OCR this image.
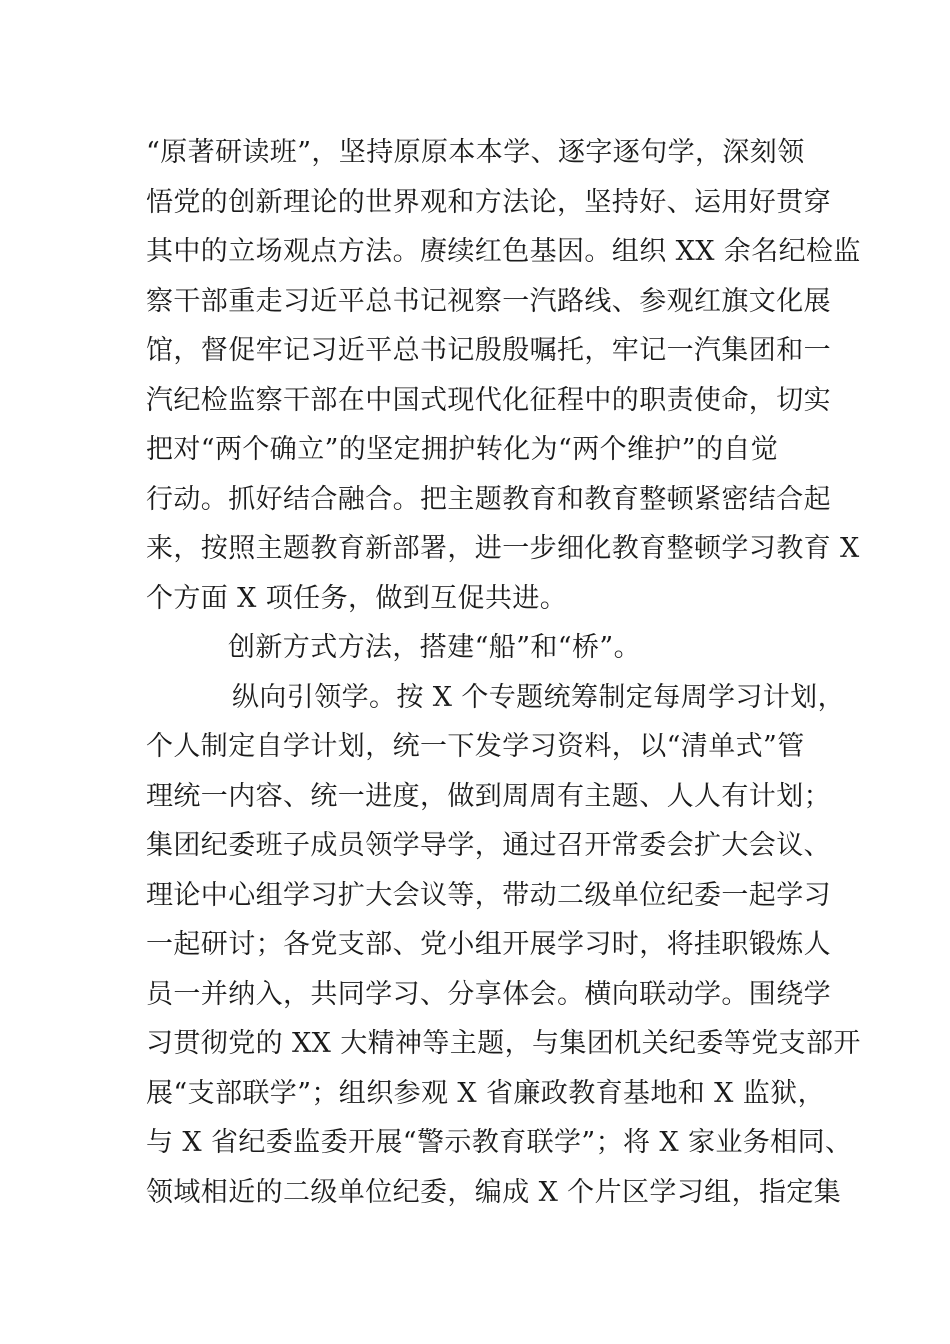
“原著研读班”，坚持原原本本学、逐字逐句学，深刻领
悟党的创新理论的世界观和方法论，坚持好、运用好贯穿
其中的立场观点方法。赓续红色基因。组织 XX 余名纪检监
察干部重走习近平总书记视察一汽路线、参观红旗文化展
馆，督促牢记习近平总书记殷殷嘱托，牢记一汽集团和一
汽纪检监察干部在中国式现代化征程中的职责使命，切实
把对“两个确立”的坚定拥护转化为“两个维护”的自觉
行动。抓好结合融合。把主题教育和教育整顿紧密结合起
来，按照主题教育新部署，进一步细化教育整顿学习教育 X
个方面 X 项任务，做到互促共进。
创新方式方法，搭建“船”和“桥”。
纵向引领学。按 X 个专题统筹制定每周学习计划，
个人制定自学计划，统一下发学习资料，以“清单式”管
理统一内容、统一进度，做到周周有主题、人人有计划；
集团纪委班子成员领学导学，通过召开常委会扩大会议、
理论中心组学习扩大会议等，带动二级单位纪委一起学习
一起研讨；各党支部、党小组开展学习时，将挂职锻炼人
员一并纳入，共同学习、分享体会。横向联动学。围绕学
习贯彻党的 XX 大精神等主题，与集团机关纪委等党支部开
展“支部联学”；组织参观 X 省廉政教育基地和 X 监狱，
与 X 省纪委监委开展“警示教育联学”；将 X 家业务相同、
领域相近的二级单位纪委，编成 X 个片区学习组，指定集
